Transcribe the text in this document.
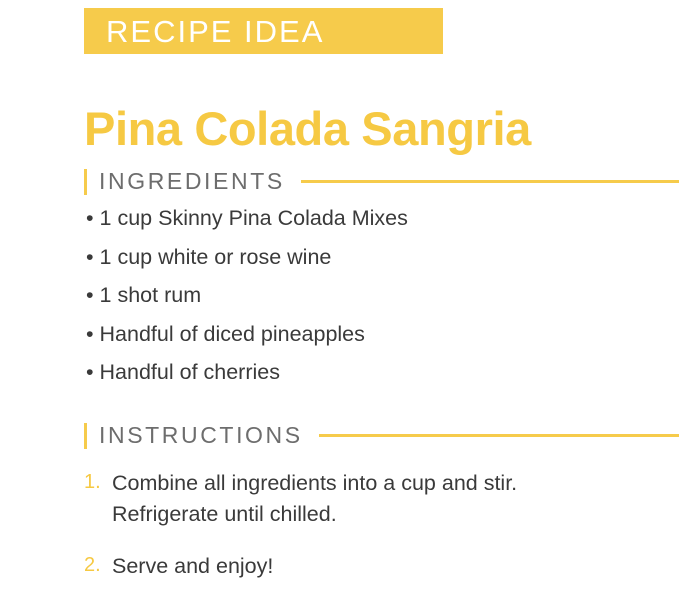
RECIPE IDEA
Pina Colada Sangria
INGREDIENTS
• 1 cup Skinny Pina Colada Mixes
• 1 cup white or rose wine
• 1 shot rum
• Handful of diced pineapples
• Handful of cherries
INSTRUCTIONS
1. Combine all ingredients into a cup and stir. Refrigerate until chilled.
2. Serve and enjoy!
